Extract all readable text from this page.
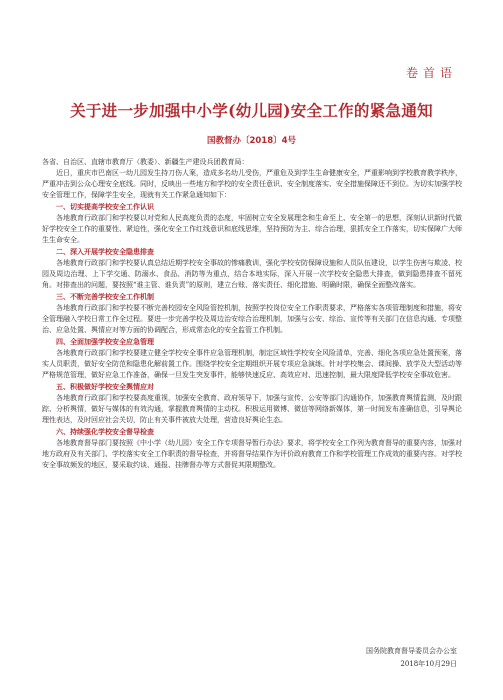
卷首语
关于进一步加强中小学(幼儿园)安全工作的紧急通知
国教督办〔2018〕4号

各省、自治区、直辖市教育厅（教委）、新疆生产建设兵团教育局：

近日，重庆市巴南区一幼儿园发生持刀伤人案，造成多名幼儿受伤，严重危及到学生生命健康安全，严重影响到学校教育教学秩序，严重冲击到公众心理安全底线。同时，反映出一些地方和学校的安全责任意识、安全制度落实、安全措施保障还不到位。为切实加强学校安全管理工作，保障学生安全，现就有关工作紧急通知如下：

一、切实提高学校安全工作认识

各地教育行政部门和学校要以对党和人民高度负责的态度，牢固树立安全发展理念和生命至上、安全第一的思想，深刻认识新时代做好学校安全工作的重要性、紧迫性，强化安全工作红线意识和底线思维，坚持预防为主、综合治理，狠抓安全工作落实，切实保障广大师生生命安全。

二、深入开展学校安全隐患排查

各地教育行政部门和学校要认真总结近期学校安全事故的惨痛教训，强化学校安防保障设施和人员队伍建设，以学生伤害与欺凌、校园及周边治理、上下学交通、防溺水、食品、消防等为重点，结合本地实际，深入开展一次学校安全隐患大排查，做到隐患排查不留死角。对排查出的问题，要按照“谁主管、谁负责”的原则，建立台账、落实责任、细化措施、明确时限，确保全面整改落实。

三、不断完善学校安全工作机制

各地教育行政部门和学校要不断完善校园安全风险管控机制，按照学校岗位安全工作职责要求，严格落实各项管理制度和措施，将安全管理融入学校日常工作全过程。要进一步完善学校及周边治安综合治理机制，加强与公安、综治、宣传等有关部门在信息沟通、专项整治、应急处置、舆情应对等方面的协调配合，形成常态化的安全监管工作机制。

四、全面加强学校安全应急管理

各地教育行政部门和学校要建立健全学校安全事件应急管理机制，制定区域性学校安全风险清单，完善、细化各项应急处置预案，落实人员职责，做好安全防范和隐患化解前置工作。围绕学校安全定期组织开展专项应急演练。针对学校集会、课间操、放学及大型活动等严格规范管理，做好应急工作准备，确保一旦发生突发事件，能够快速反应、高效应对、迅速控制，最大限度降低学校安全事故危害。

五、积极做好学校安全舆情应对

各地教育行政部门和学校要高度重视，加强安全教育、政府领导下，加强与宣传、公安等部门沟通协作，加强教育舆情监测，及时跟踪、分析舆情，做好与媒体的有效沟通，掌握教育舆情的主动权。积极运用微博、微信等网络新媒体，第一时间发布准确信息，引导舆论理性表达，及时回应社会关切，防止有关事件被放大处理，营造良好舆论生态。

六、持续强化学校安全督导检查

各地教育督导部门要按照《中小学（幼儿园）安全工作专项督导暂行办法》要求，将学校安全工作列为教育督导的重要内容，加强对地方政府及有关部门、学校落实安全工作职责的督导检查，并将督导结果作为评价政府教育工作和学校管理工作成效的重要内容。对学校安全事故频发的地区，要采取约谈、通报、挂牌督办等方式督促其限期整改。

国务院教育督导委员会办公室
2018年10月29日
